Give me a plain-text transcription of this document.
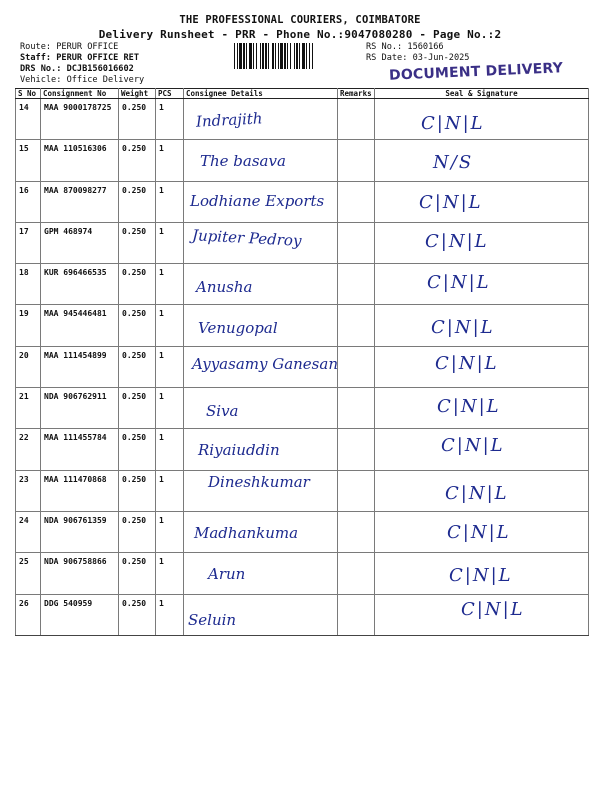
THE PROFESSIONAL COURIERS, COIMBATORE
Delivery Runsheet - PRR - Phone No.:9047080280 - Page No.:2
Route: PERUR OFFICE
Staff: PERUR OFFICE RET
DRS No.: DCJB156016602
Vehicle: Office Delivery
RS No.: 1560166
RS Date: 03-Jun-2025
DOCUMENT DELIVERY
S No	Consignment No	Weight	PCS	Consignee Details	Remarks	Seal & Signature
14	MAA 9000178725	0.250	1	Indrajith		C|N|L

15	MAA 110516306	0.250	1	The basava		N/S

16	MAA 870098277	0.250	1	Lodhiane Exports		C|N|L

17	GPM 468974	0.250	1	Jupiter Pedroy		C|N|L

18	KUR 696466535	0.250	1	Anusha		C|N|L

19	MAA 945446481	0.250	1	Venugopal		C|N|L

20	MAA 111454899	0.250	1	Ayyasamy Ganesan		C|N|L

21	NDA 906762911	0.250	1	Siva		C|N|L

22	MAA 111455784	0.250	1	Riyaiuddin		C|N|L

23	MAA 111470868	0.250	1	Dineshkumar		C|N|L

24	NDA 906761359	0.250	1	Madhankuma		C|N|L

25	NDA 906758866	0.250	1	Arun		C|N|L

26	DDG 540959	0.250	1	Seluin		C|N|L
